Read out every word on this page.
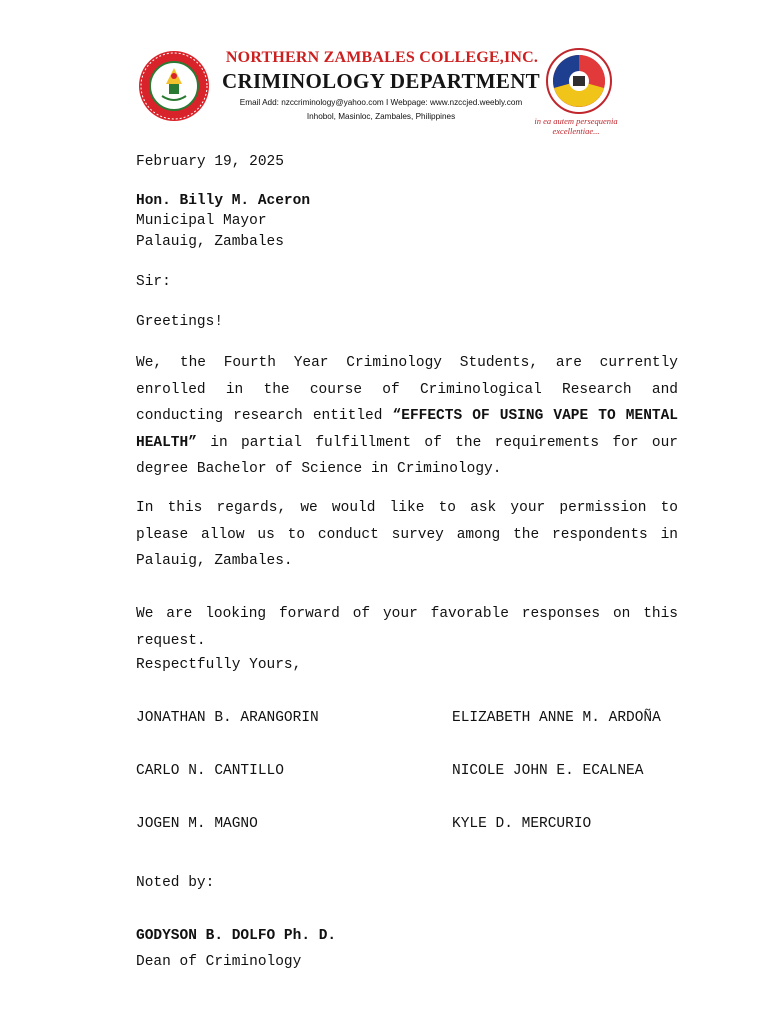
NORTHERN ZAMBALES COLLEGE,INC.
CRIMINOLOGY DEPARTMENT
Email Add: nzccriminology@yahoo.com I Webpage: www.nzccjed.weebly.com
Inhobol, Masinloc, Zambales, Philippines	in ea autem persequenia excellentiae...
February 19, 2025
Hon. Billy M. Aceron
Municipal Mayor
Palauig, Zambales
Sir:
Greetings!
We, the Fourth Year Criminology Students, are currently enrolled in the course of Criminological Research and conducting research entitled “EFFECTS OF USING VAPE TO MENTAL HEALTH” in partial fulfillment of the requirements for our degree Bachelor of Science in Criminology.
In this regards, we would like to ask your permission to please allow us to conduct survey among the respondents in Palauig, Zambales.
We are looking forward of your favorable responses on this request.
Respectfully Yours,
JONATHAN B. ARANGORIN	ELIZABETH ANNE M. ARDOÑA
CARLO N. CANTILLO	NICOLE JOHN E. ECALNEA
JOGEN M. MAGNO	KYLE D. MERCURIO
Noted by:
GODYSON B. DOLFO Ph. D.
Dean of Criminology
